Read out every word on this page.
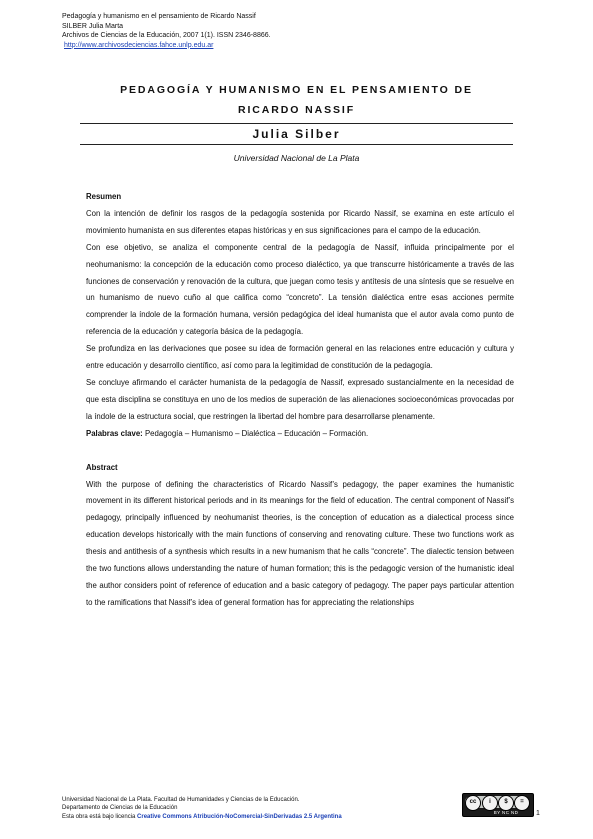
Pedagogía y humanismo en el pensamiento de Ricardo Nassif
SILBER Julia Marta
Archivos de Ciencias de la Educación, 2007 1(1). ISSN 2346-8866.
http://www.archivosdeciencias.fahce.unlp.edu.ar
PEDAGOGÍA Y HUMANISMO EN EL PENSAMIENTO DE
RICARDO NASSIF
Julia Silber
Universidad Nacional de La Plata

Resumen

Con la intención de definir los rasgos de la pedagogía sostenida por Ricardo Nassif, se examina en este artículo el movimiento humanista en sus diferentes etapas históricas y en sus significaciones para el campo de la educación.

Con ese objetivo, se analiza el componente central de la pedagogía de Nassif, influida principalmente por el neohumanismo: la concepción de la educación como proceso dialéctico, ya que transcurre históricamente a través de las funciones de conservación y renovación de la cultura, que juegan como tesis y antítesis de una síntesis que se resuelve en un humanismo de nuevo cuño al que califica como “concreto”. La tensión dialéctica entre esas acciones permite comprender la índole de la formación humana, versión pedagógica del ideal humanista que el autor avala como punto de referencia de la educación y categoría básica de la pedagogía.

Se profundiza en las derivaciones que posee su idea de formación general en las relaciones entre educación y cultura y entre educación y desarrollo científico, así como para la legitimidad de constitución de la pedagogía.

Se concluye afirmando el carácter humanista de la pedagogía de Nassif, expresado sustancialmente en la necesidad de que esta disciplina se constituya en uno de los medios de superación de las alienaciones socioeconómicas provocadas por la índole de la estructura social, que restringen la libertad del hombre para desarrollarse plenamente.

Palabras clave: Pedagogía – Humanismo – Dialéctica – Educación – Formación.

Abstract

With the purpose of defining the characteristics of Ricardo Nassif’s pedagogy, the paper examines the humanistic movement in its different historical periods and in its meanings for the field of education. The central component of Nassif’s pedagogy, principally influenced by neohumanist theories, is the conception of education as a dialectical process since education develops historically with the main functions of conserving and renovating culture. These two functions work as thesis and antithesis of a synthesis which results in a new humanism that he calls “concrete”. The dialectic tension between the two functions allows understanding the nature of human formation; this is the pedagogic version of the humanistic ideal the author considers point of reference of education and a basic category of pedagogy. The paper pays particular attention to the ramifications that Nassif’s idea of general formation has for appreciating the relationships

Universidad Nacional de La Plata. Facultad de Humanidades y Ciencias de la Educación.
Departamento de Ciencias de la Educación
Esta obra está bajo licencia Creative Commons Atribución-NoComercial-SinDerivadas 2.5 Argentina
cc	i	$	=
BY NC ND	1
